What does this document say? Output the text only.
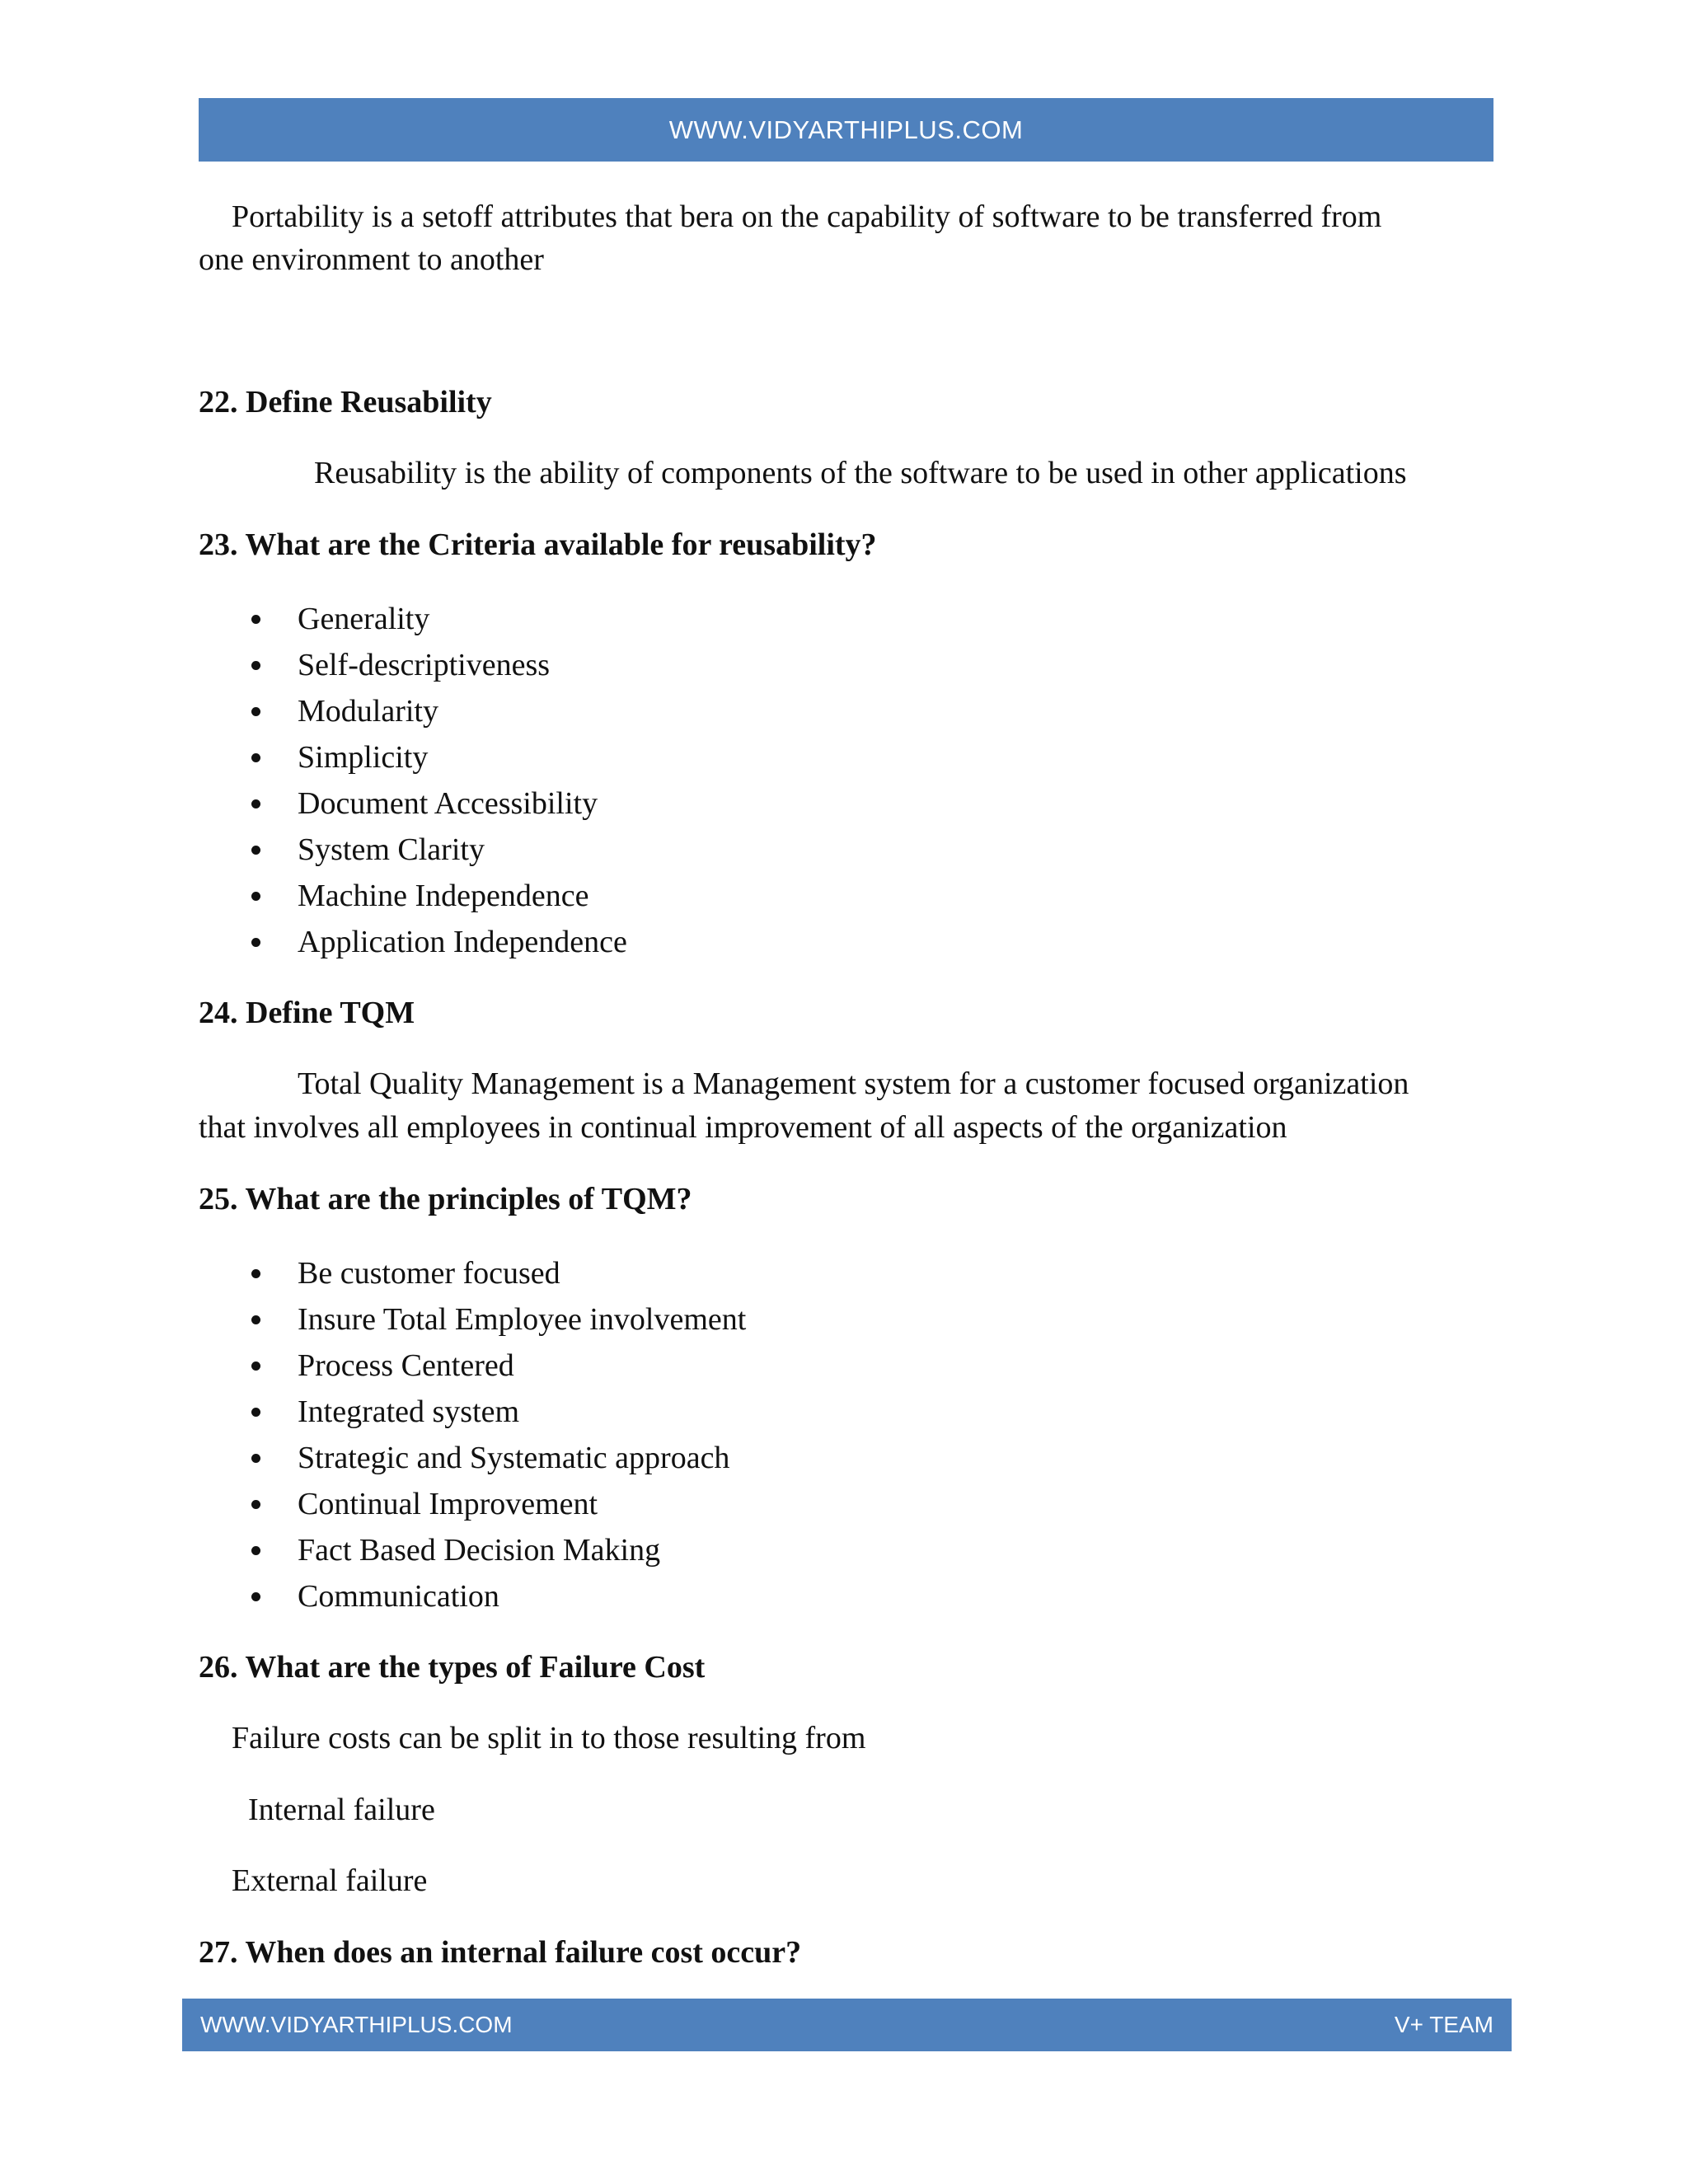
WWW.VIDYARTHIPLUS.COM
Portability is a setoff attributes that bera on the capability of software to be transferred from
one environment to another
22. Define Reusability
Reusability is the ability of components of the software to be used in other applications
23. What are the Criteria available for reusability?
Generality
Self-descriptiveness
Modularity
Simplicity
Document Accessibility
System Clarity
Machine Independence
Application Independence
24. Define TQM
Total Quality Management is a Management system for a customer focused organization
that involves all employees in continual improvement of all aspects of the organization
25. What are the principles of TQM?
Be customer focused
Insure Total Employee involvement
Process Centered
Integrated system
Strategic and Systematic approach
Continual Improvement
Fact Based Decision Making
Communication
26. What are the types of Failure Cost
Failure costs can be split in to those resulting from
Internal failure
External failure
27. When does an internal failure cost occur?
WWW.VIDYARTHIPLUS.COM	V+ TEAM
